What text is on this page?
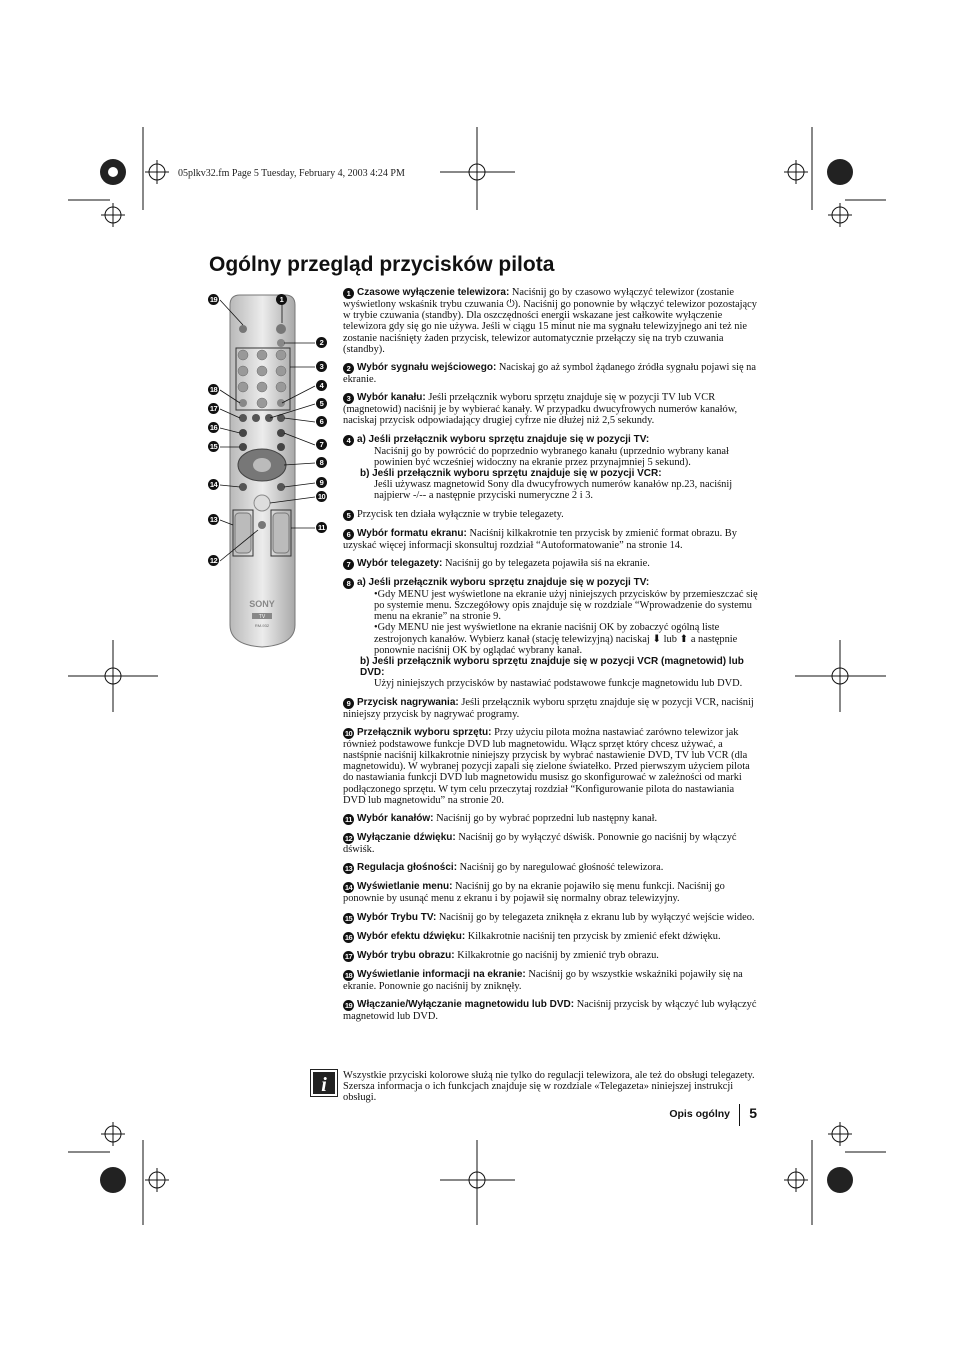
05plkv32.fm Page 5 Tuesday, February 4, 2003 4:24 PM
Ogólny przegląd przycisków pilota
SONY
TV
RM-932
19
18
17
16
15
14
13
12
1
2
3
4
5
6
7
8
9
10
11
1 Czasowe wyłączenie telewizora: Naciśnij go by czasowo wyłączyć telewizor (zostanie wyświetlony wskaśnik trybu czuwania ⏻). Naciśnij go ponownie by włączyć telewizor pozostający w trybie czuwania (standby). Dla oszczędności energii wskazane jest całkowite wyłączenie telewizora gdy się go nie używa. Jeśli w ciągu 15 minut nie ma sygnału telewizyjnego ani też nie zostanie naciśnięty żaden przycisk, telewizor automatycznie przełączy się na tryb czuwania (standby).
2 Wybór sygnału wejściowego: Naciskaj go aż symbol żądanego źródła sygnału pojawi się na ekranie.
3 Wybór kanału: Jeśli przełącznik wyboru sprzętu znajduje się w pozycji TV lub VCR (magnetowid) naciśnij je by wybierać kanały. W przypadku dwucyfrowych numerów kanałów, naciskaj przycisk odpowiadający drugiej cyfrze nie dłużej niż 2,5 sekundy.
4 a) Jeśli przełącznik wyboru sprzętu znajduje się w pozycji TV:
Naciśnij go by powrócić do poprzednio wybranego kanału (uprzednio wybrany kanał powinien być wcześniej widoczny na ekranie przez przynajmniej 5 sekund).
b) Jeśli przełącznik wyboru sprzętu znajduje się w pozycji VCR:
Jeśli używasz magnetowid Sony dla dwucyfrowych numerów kanałów np.23, naciśnij najpierw -/-- a następnie przyciski numeryczne 2 i 3.
5 Przycisk ten działa wyłącznie w trybie telegazety.
6 Wybór formatu ekranu: Naciśnij kilkakrotnie ten przycisk by zmienić format obrazu. By uzyskać więcej informacji skonsultuj rozdział “Autoformatowanie” na stronie 14.
7 Wybór telegazety: Naciśnij go by telegazeta pojawiła siś na ekranie.
8 a) Jeśli przełącznik wyboru sprzętu znajduje się w pozycji TV:
•Gdy MENU jest wyświetlone na ekranie użyj niniejszych przycisków by przemieszczać się po systemie menu. Szczegółowy opis znajduje się w rozdziale “Wprowadzenie do systemu menu na ekranie” na stronie 9.
•Gdy MENU nie jest wyświetlone na ekranie naciśnij OK by zobaczyć ogólną liste zestrojonych kanałów. Wybierz kanał (stację telewizyjną) naciskaj ⬇ lub ⬆ a następnie ponownie naciśnij OK by oglądać wybrany kanał.
b) Jeśli przełącznik wyboru sprzętu znajduje się w pozycji VCR (magnetowid) lub DVD:
Użyj niniejszych przycisków by nastawiać podstawowe funkcje magnetowidu lub DVD.
9 Przycisk nagrywania: Jeśli przełącznik wyboru sprzętu znajduje się w pozycji VCR, naciśnij niniejszy przycisk by nagrywać programy.
10 Przełącznik wyboru sprzętu: Przy użyciu pilota można nastawiać zarówno telewizor jak również podstawowe funkcje DVD lub magnetowidu. Włącz sprzęt który chcesz używać, a nastśpnie naciśnij kilkakrotnie niniejszy przycisk by wybrać nastawienie DVD, TV lub VCR (dla magnetowidu). W wybranej pozycji zapali się zielone światełko. Przed pierwszym użyciem pilota do nastawiania funkcji DVD lub magnetowidu musisz go skonfigurować w zależności od marki podłączonego sprzętu. W tym celu przeczytaj rozdział “Konfigurowanie pilota do nastawiania DVD lub magnetowidu” na stronie 20.
11 Wybór kanałów: Naciśnij go by wybrać poprzedni lub następny kanał.
12 Wyłączanie dźwięku: Naciśnij go by wyłączyć dświśk. Ponownie go naciśnij by włączyć dświśk.
13 Regulacja głośności: Naciśnij go by naregulować głośność telewizora.
14 Wyświetlanie menu: Naciśnij go by na ekranie pojawiło się menu funkcji. Naciśnij go ponownie by usunąć menu z ekranu i by pojawił się normalny obraz telewizyjny.
15 Wybór Trybu TV: Naciśnij go by telegazeta zniknęła z ekranu lub by wyłączyć wejście wideo.
16 Wybór efektu dźwięku: Kilkakrotnie naciśnij ten przycisk by zmienić efekt dźwięku.
17 Wybór trybu obrazu: Kilkakrotnie go naciśnij by zmienić tryb obrazu.
18 Wyświetlanie informacji na ekranie: Naciśnij go by wszystkie wskaźniki pojawiły się na ekranie. Ponownie go naciśnij by zniknęły.
19 Włączanie/Wyłączanie magnetowidu lub DVD: Naciśnij przycisk by włączyć lub wyłączyć magnetowid lub DVD.
i	Wszystkie przyciski kolorowe służą nie tylko do regulacji telewizora, ale też do obsługi telegazety. Szersza informacja o ich funkcjach znajduje się w rozdziale «Telegazeta» niniejszej instrukcji obsługi.
Opis ogólny 5
